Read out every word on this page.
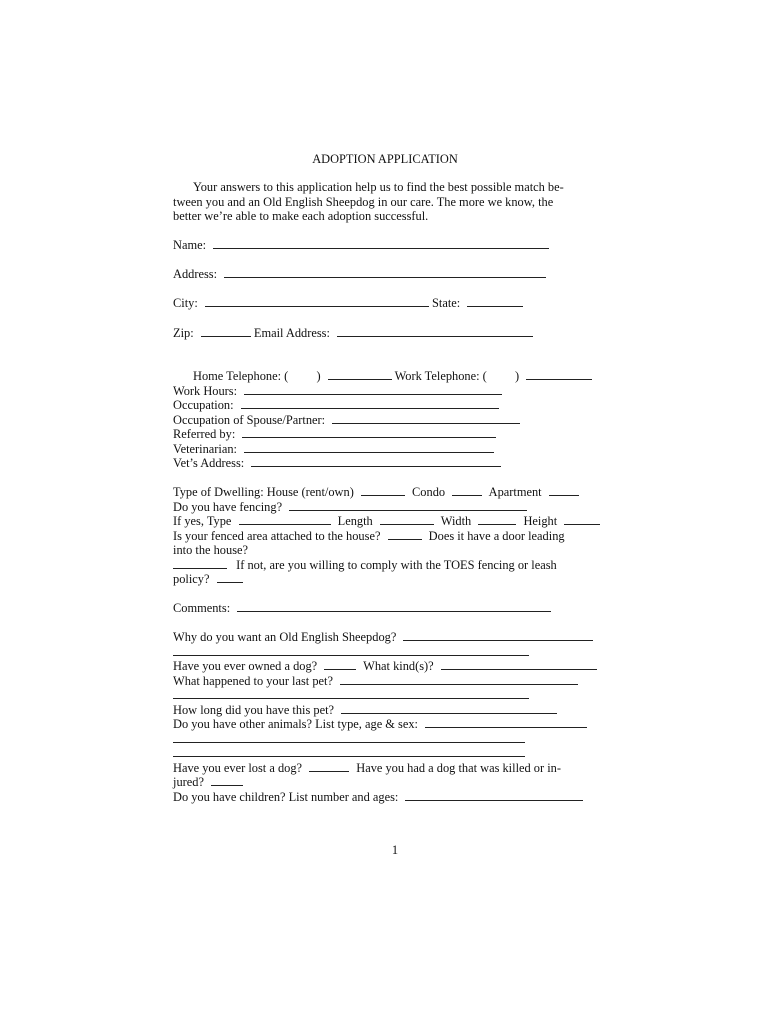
ADOPTION APPLICATION
Your answers to this application help us to find the best possible match be-
tween you and an Old English Sheepdog in our care. The more we know, the
better we’re able to make each adoption successful.
Name:
Address:
City:	State:
Zip:	Email Address:
Home Telephone: ( )	Work Telephone: ( )
Work Hours:
Occupation:
Occupation of Spouse/Partner:
Referred by:
Veterinarian:
Vet’s Address:
Type of Dwelling: House (rent/own)	Condo	Apartment
Do you have fencing?
If yes, Type	Length	Width	Height
Is your fenced area attached to the house?	Does it have a door leading
into the house?
If not, are you willing to comply with the TOES fencing or leash
policy?
Comments:
Why do you want an Old English Sheepdog?
Have you ever owned a dog?	What kind(s)?
What happened to your last pet?
How long did you have this pet?
Do you have other animals? List type, age & sex:
Have you ever lost a dog?	Have you had a dog that was killed or in-
jured?
Do you have children? List number and ages:
1
